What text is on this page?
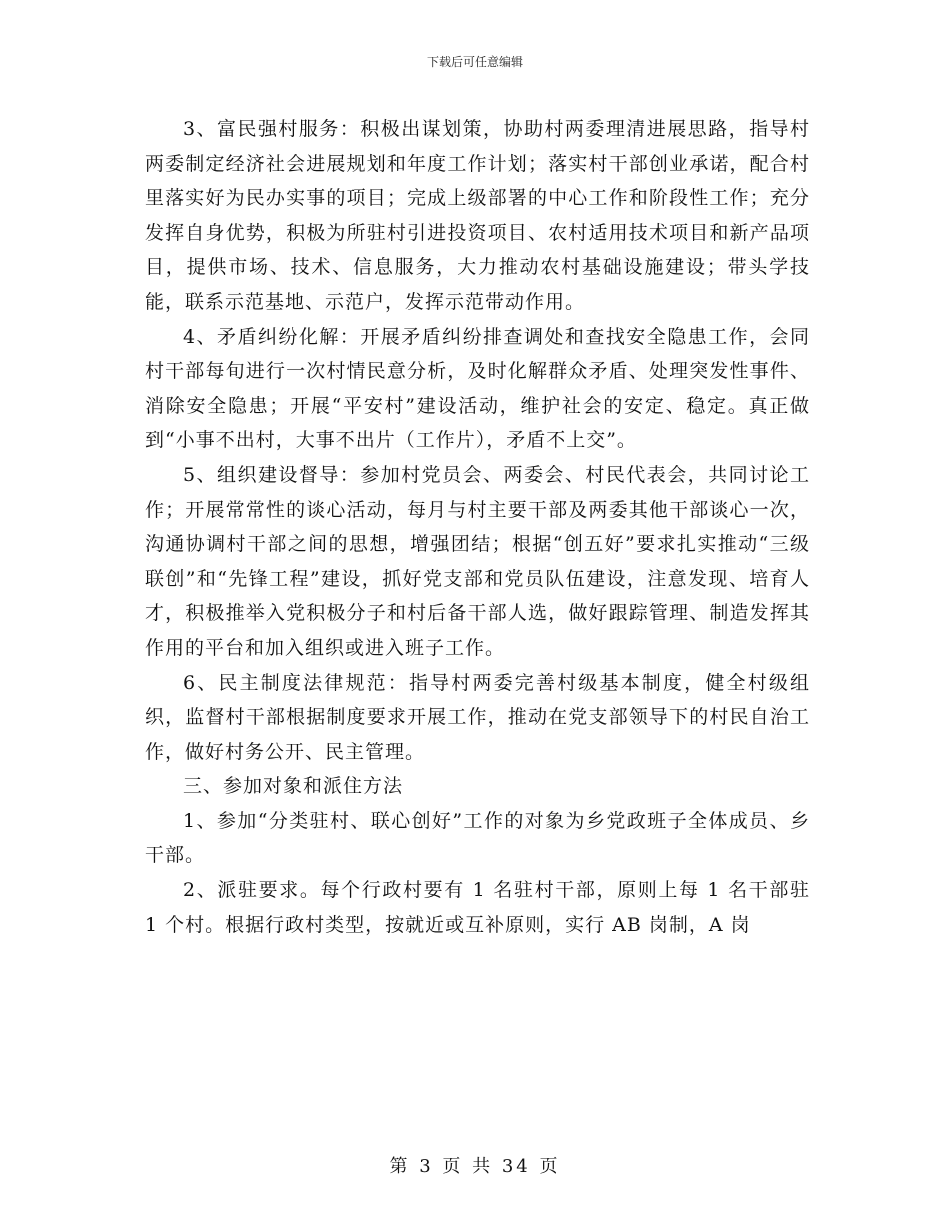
下载后可任意编辑

3、富民强村服务：积极出谋划策，协助村两委理清进展思路，指导村两委制定经济社会进展规划和年度工作计划；落实村干部创业承诺，配合村里落实好为民办实事的项目；完成上级部署的中心工作和阶段性工作；充分发挥自身优势，积极为所驻村引进投资项目、农村适用技术项目和新产品项目，提供市场、技术、信息服务，大力推动农村基础设施建设；带头学技能，联系示范基地、示范户，发挥示范带动作用。

4、矛盾纠纷化解：开展矛盾纠纷排查调处和查找安全隐患工作，会同村干部每旬进行一次村情民意分析，及时化解群众矛盾、处理突发性事件、消除安全隐患；开展“平安村”建设活动，维护社会的安定、稳定。真正做到“小事不出村，大事不出片（工作片），矛盾不上交”。

5、组织建设督导：参加村党员会、两委会、村民代表会，共同讨论工作；开展常常性的谈心活动，每月与村主要干部及两委其他干部谈心一次，沟通协调村干部之间的思想，增强团结；根据“创五好”要求扎实推动“三级联创”和“先锋工程”建设，抓好党支部和党员队伍建设，注意发现、培育人才，积极推举入党积极分子和村后备干部人选，做好跟踪管理、制造发挥其作用的平台和加入组织或进入班子工作。

6、民主制度法律规范：指导村两委完善村级基本制度，健全村级组织，监督村干部根据制度要求开展工作，推动在党支部领导下的村民自治工作，做好村务公开、民主管理。

三、参加对象和派住方法

1、参加“分类驻村、联心创好”工作的对象为乡党政班子全体成员、乡干部。

2、派驻要求。每个行政村要有 1 名驻村干部，原则上每 1 名干部驻 1 个村。根据行政村类型，按就近或互补原则，实行 AB 岗制，A 岗

第 3 页 共 34 页
